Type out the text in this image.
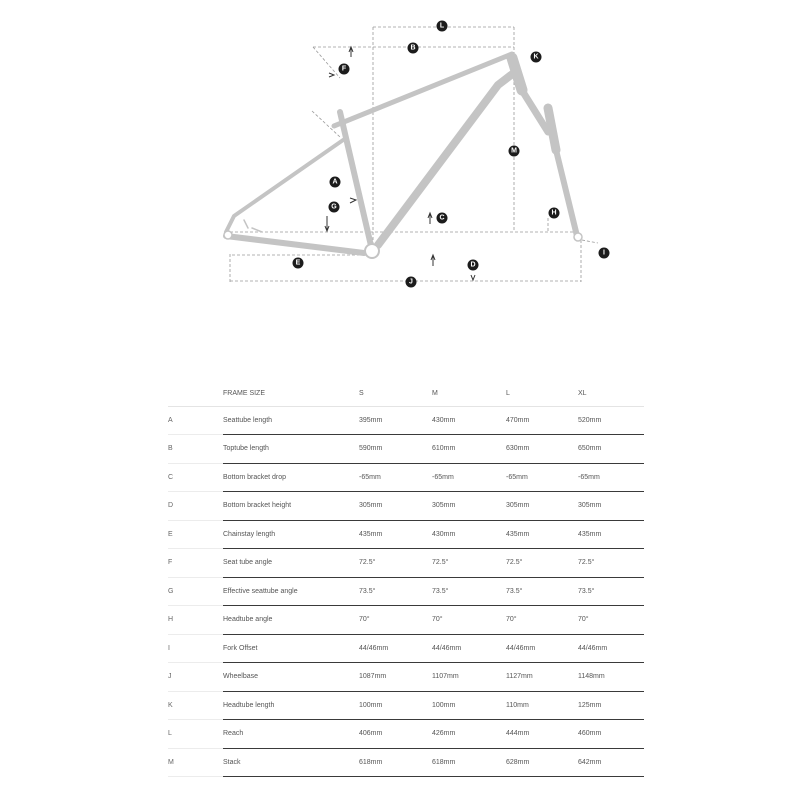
L
B
K
F
M
A
G
C
H
E	D
I
J
	FRAME SIZE	S	M	L	XL
A	Seattube length	395mm	430mm	470mm	520mm
B	Toptube length	590mm	610mm	630mm	650mm
C	Bottom bracket drop	-65mm	-65mm	-65mm	-65mm
D	Bottom bracket height	305mm	305mm	305mm	305mm
E	Chainstay length	435mm	430mm	435mm	435mm
F	Seat tube angle	72.5°	72.5°	72.5°	72.5°
G	Effective seattube angle	73.5°	73.5°	73.5°	73.5°
H	Headtube angle	70°	70°	70°	70°
I	Fork Offset	44/46mm	44/46mm	44/46mm	44/46mm
J	Wheelbase	1087mm	1107mm	1127mm	1148mm
K	Headtube length	100mm	100mm	110mm	125mm
L	Reach	406mm	426mm	444mm	460mm
M	Stack	618mm	618mm	628mm	642mm
